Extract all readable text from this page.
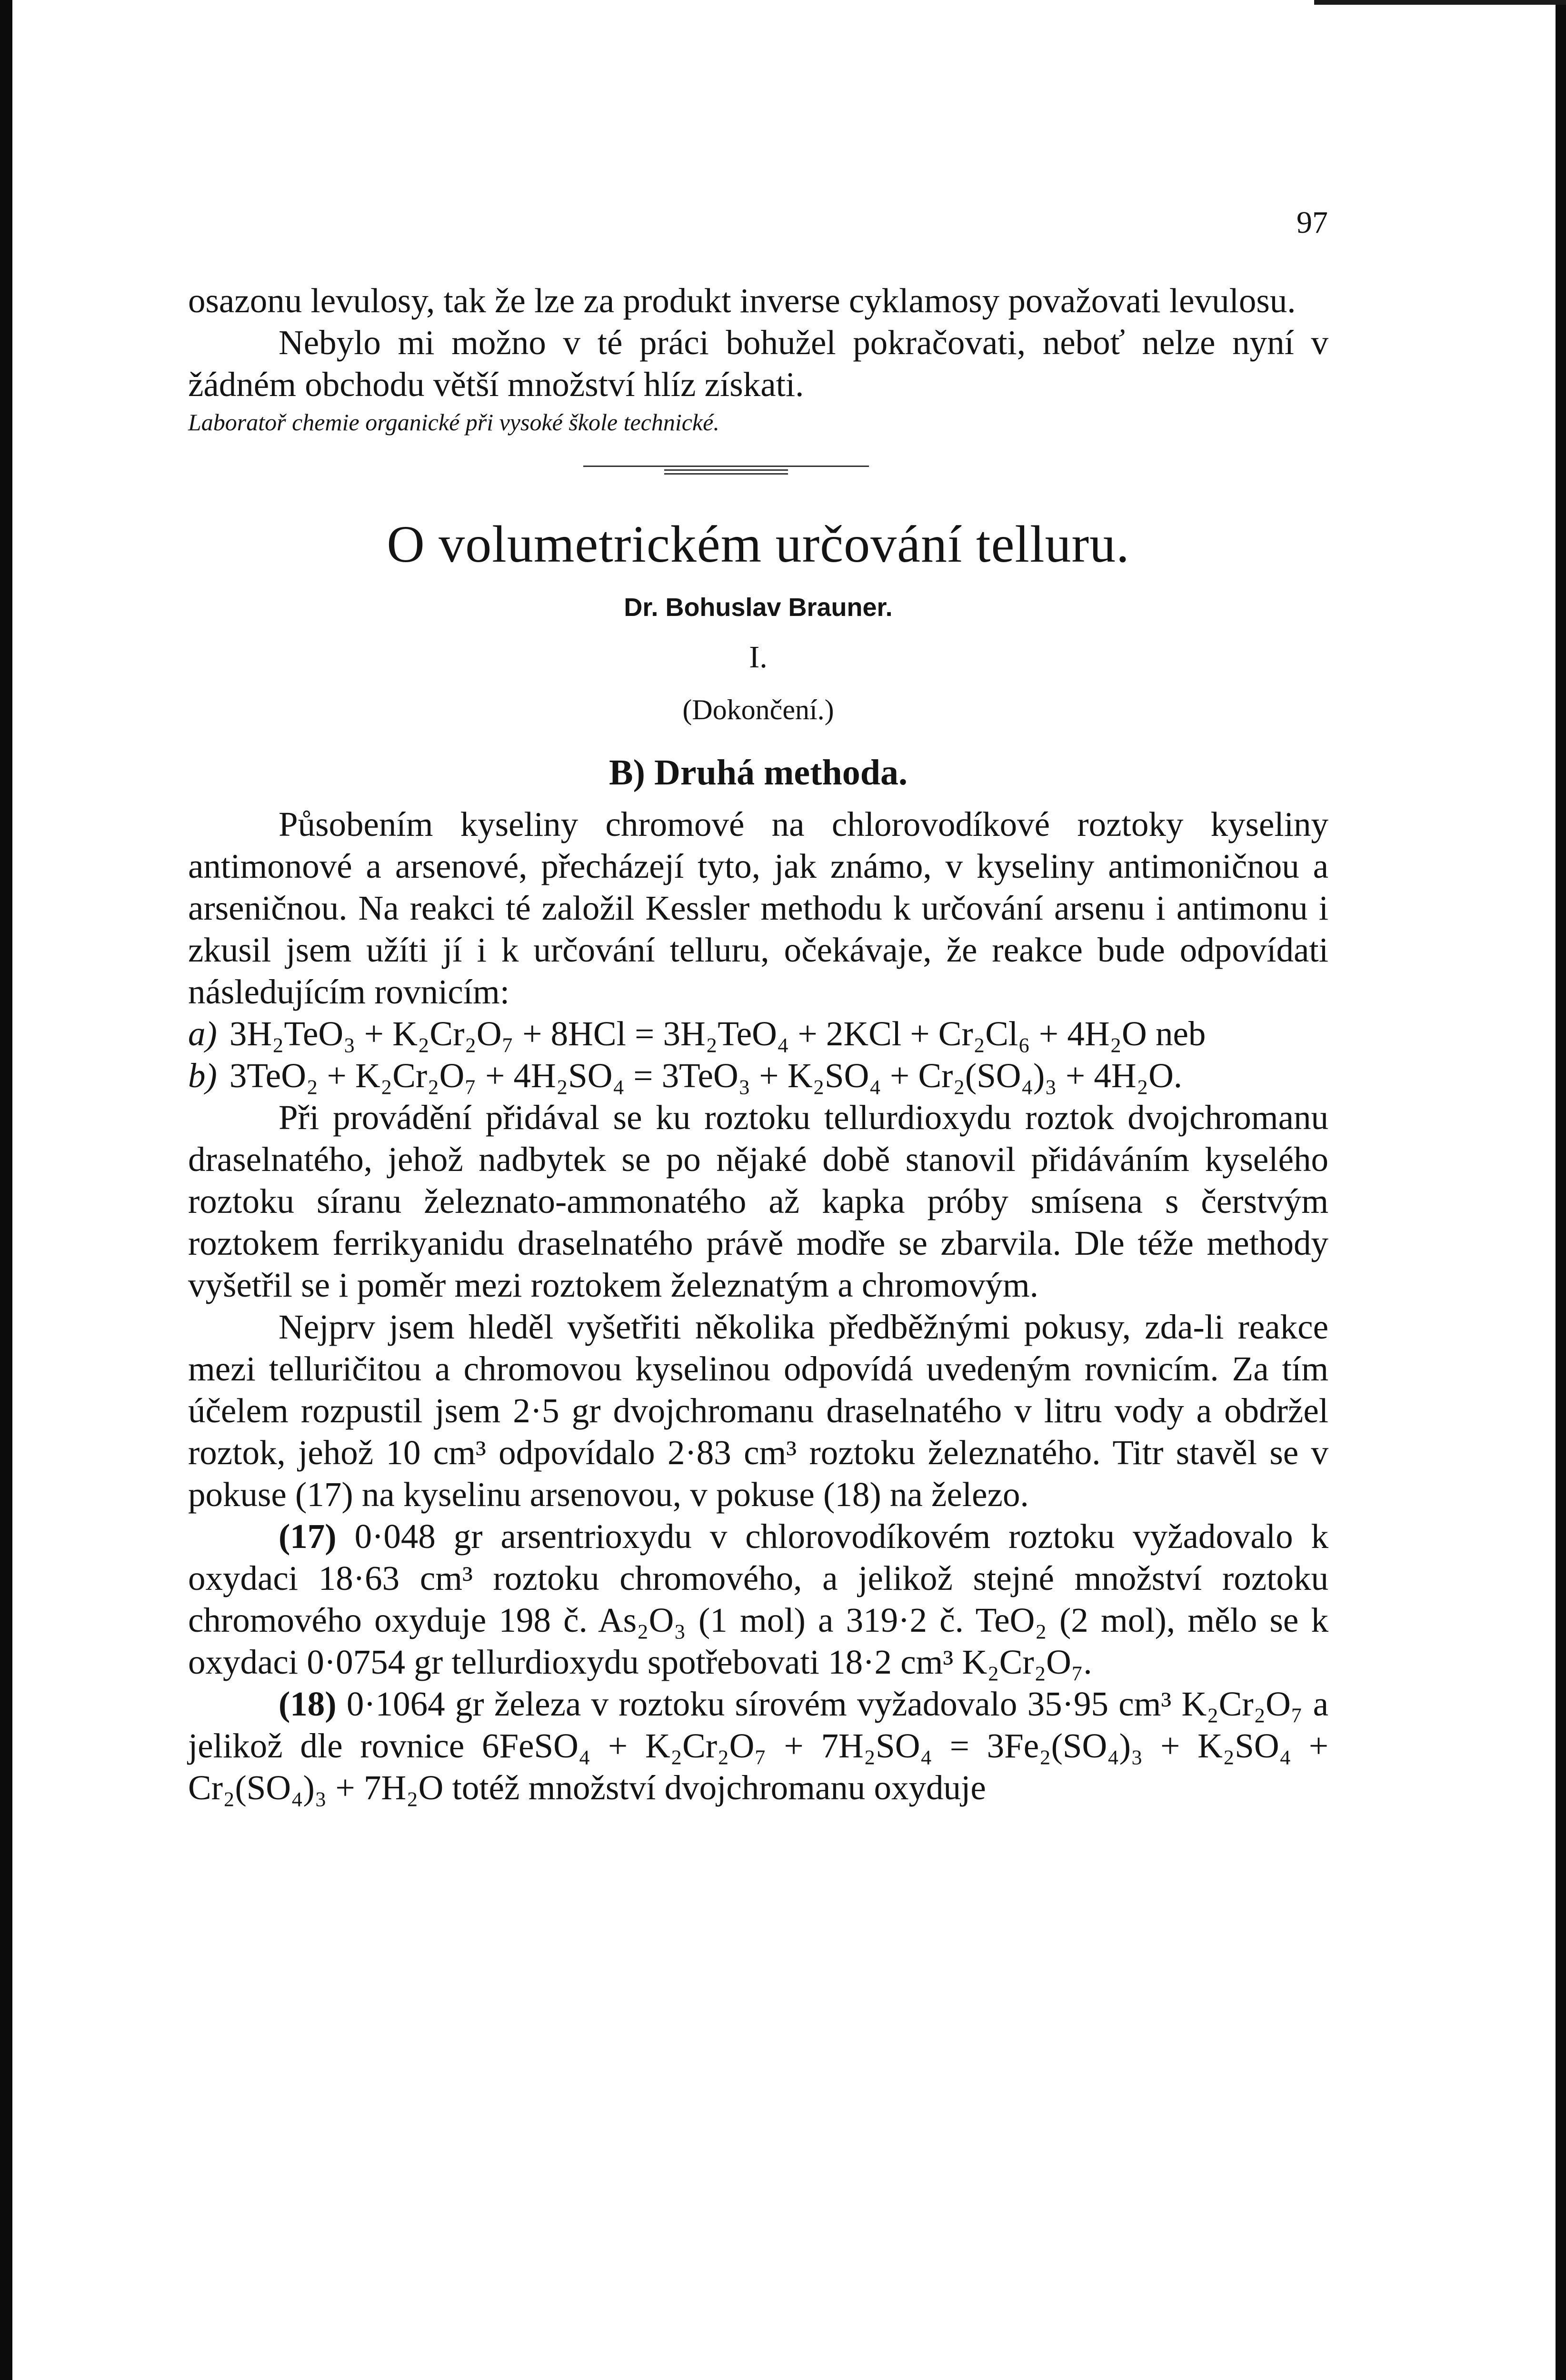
97

osazonu levulosy, tak že lze za produkt inverse cyklamosy považovati levulosu.

Nebylo mi možno v té práci bohužel pokračovati, neboť nelze nyní v žádném obchodu větší množství hlíz získati.

Laboratoř chemie organické při vysoké škole technické.

O volumetrickém určování telluru.
Dr. Bohuslav Brauner.
I.
(Dokončení.)
B) Druhá methoda.

Působením kyseliny chromové na chlorovodíkové roztoky kyseliny antimonové a arsenové, přecházejí tyto, jak známo, v kyseliny antimoničnou a arseničnou. Na reakci té založil Kessler methodu k určování arsenu i antimonu i zkusil jsem užíti jí i k určování telluru, očekávaje, že reakce bude odpovídati následujícím rovnicím:

a) 3H₂TeO₃ + K₂Cr₂O₇ + 8HCl = 3H₂TeO₄ + 2KCl + Cr₂Cl₆ + 4H₂O neb

b) 3TeO₂ + K₂Cr₂O₇ + 4H₂SO₄ = 3TeO₃ + K₂SO₄ + Cr₂(SO₄)₃ + 4H₂O.

Při provádění přidával se ku roztoku tellurdioxydu roztok dvojchromanu draselnatého, jehož nadbytek se po nějaké době stanovil přidáváním kyselého roztoku síranu železnato-ammonatého až kapka próby smísena s čerstvým roztokem ferrikyanidu draselnatého právě modře se zbarvila. Dle téže methody vyšetřil se i poměr mezi roztokem železnatým a chromovým.

Nejprv jsem hleděl vyšetřiti několika předběžnými pokusy, zda-li reakce mezi telluričitou a chromovou kyselinou odpovídá uvedeným rovnicím. Za tím účelem rozpustil jsem 2·5 gr dvojchromanu draselnatého v litru vody a obdržel roztok, jehož 10 cm³ odpovídalo 2·83 cm³ roztoku železnatého. Titr stavěl se v pokuse (17) na kyselinu arsenovou, v pokuse (18) na železo.

(17) 0·048 gr arsentrioxydu v chlorovodíkovém roztoku vyžadovalo k oxydaci 18·63 cm³ roztoku chromového, a jelikož stejné množství roztoku chromového oxyduje 198 č. As₂O₃ (1 mol) a 319·2 č. TeO₂ (2 mol), mělo se k oxydaci 0·0754 gr tellurdioxydu spotřebovati 18·2 cm³ K₂Cr₂O₇.

(18) 0·1064 gr železa v roztoku sírovém vyžadovalo 35·95 cm³ K₂Cr₂O₇ a jelikož dle rovnice 6FeSO₄ + K₂Cr₂O₇ + 7H₂SO₄ = 3Fe₂(SO₄)₃ + K₂SO₄ + Cr₂(SO₄)₃ + 7H₂O totéž množství dvojchromanu oxyduje
